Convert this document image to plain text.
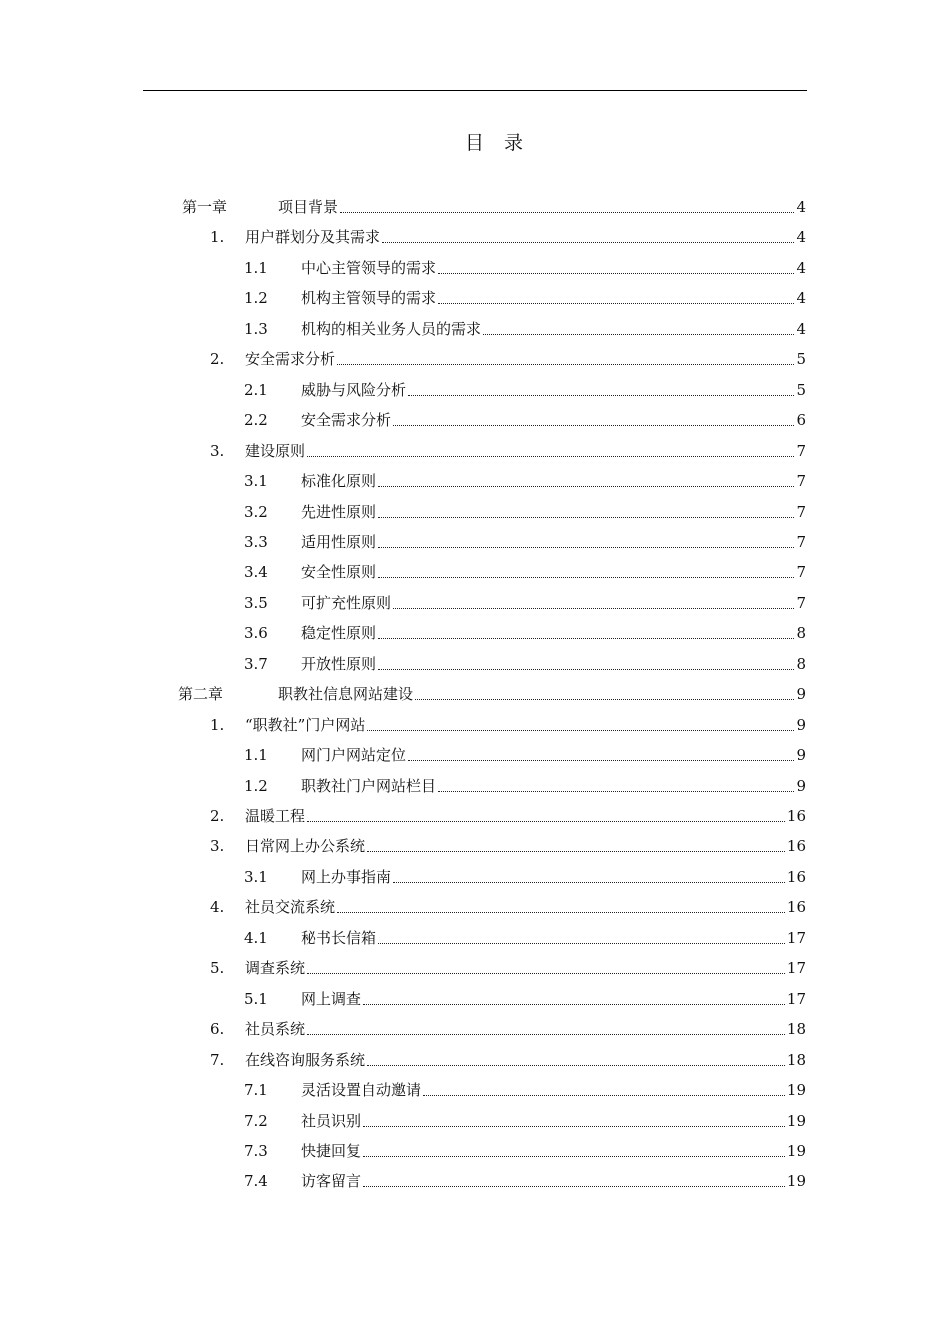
目 录
第一章	项目背景	4
1. 用户群划分及其需求	4
1.1 中心主管领导的需求	4
1.2 机构主管领导的需求	4
1.3 机构的相关业务人员的需求	4
2. 安全需求分析	5
2.1 威胁与风险分析	5
2.2 安全需求分析	6
3. 建设原则	7
3.1 标准化原则	7
3.2 先进性原则	7
3.3 适用性原则	7
3.4 安全性原则	7
3.5 可扩充性原则	7
3.6 稳定性原则	8
3.7 开放性原则	8
第二章	职教社信息网站建设	9
1. “职教社”门户网站	9
1.1 网门户网站定位	9
1.2 职教社门户网站栏目	9
2. 温暖工程	16
3. 日常网上办公系统	16
3.1 网上办事指南	16
4. 社员交流系统	16
4.1 秘书长信箱	17
5. 调查系统	17
5.1 网上调查	17
6. 社员系统	18
7. 在线咨询服务系统	18
7.1 灵活设置自动邀请	19
7.2 社员识别	19
7.3 快捷回复	19
7.4 访客留言	19
